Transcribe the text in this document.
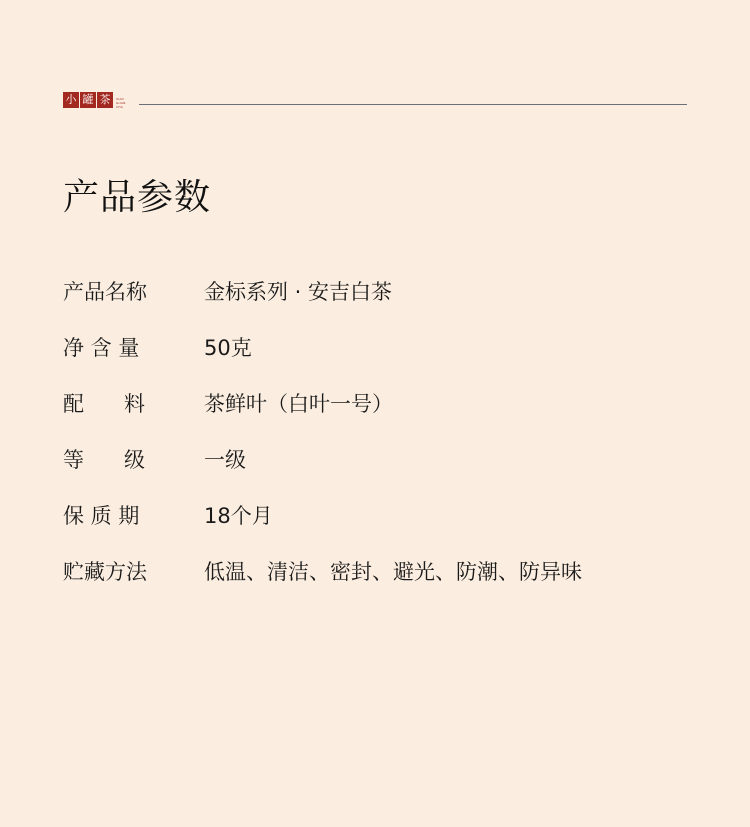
小 罐 茶	XIAO GUAN
CHA
产品参数
产品名称	金标系列 · 安吉白茶
净 含 量	50克
配      料	茶鲜叶（白叶一号）
等      级	一级
保 质 期	18个月
贮藏方法	低温、清洁、密封、避光、防潮、防异味
